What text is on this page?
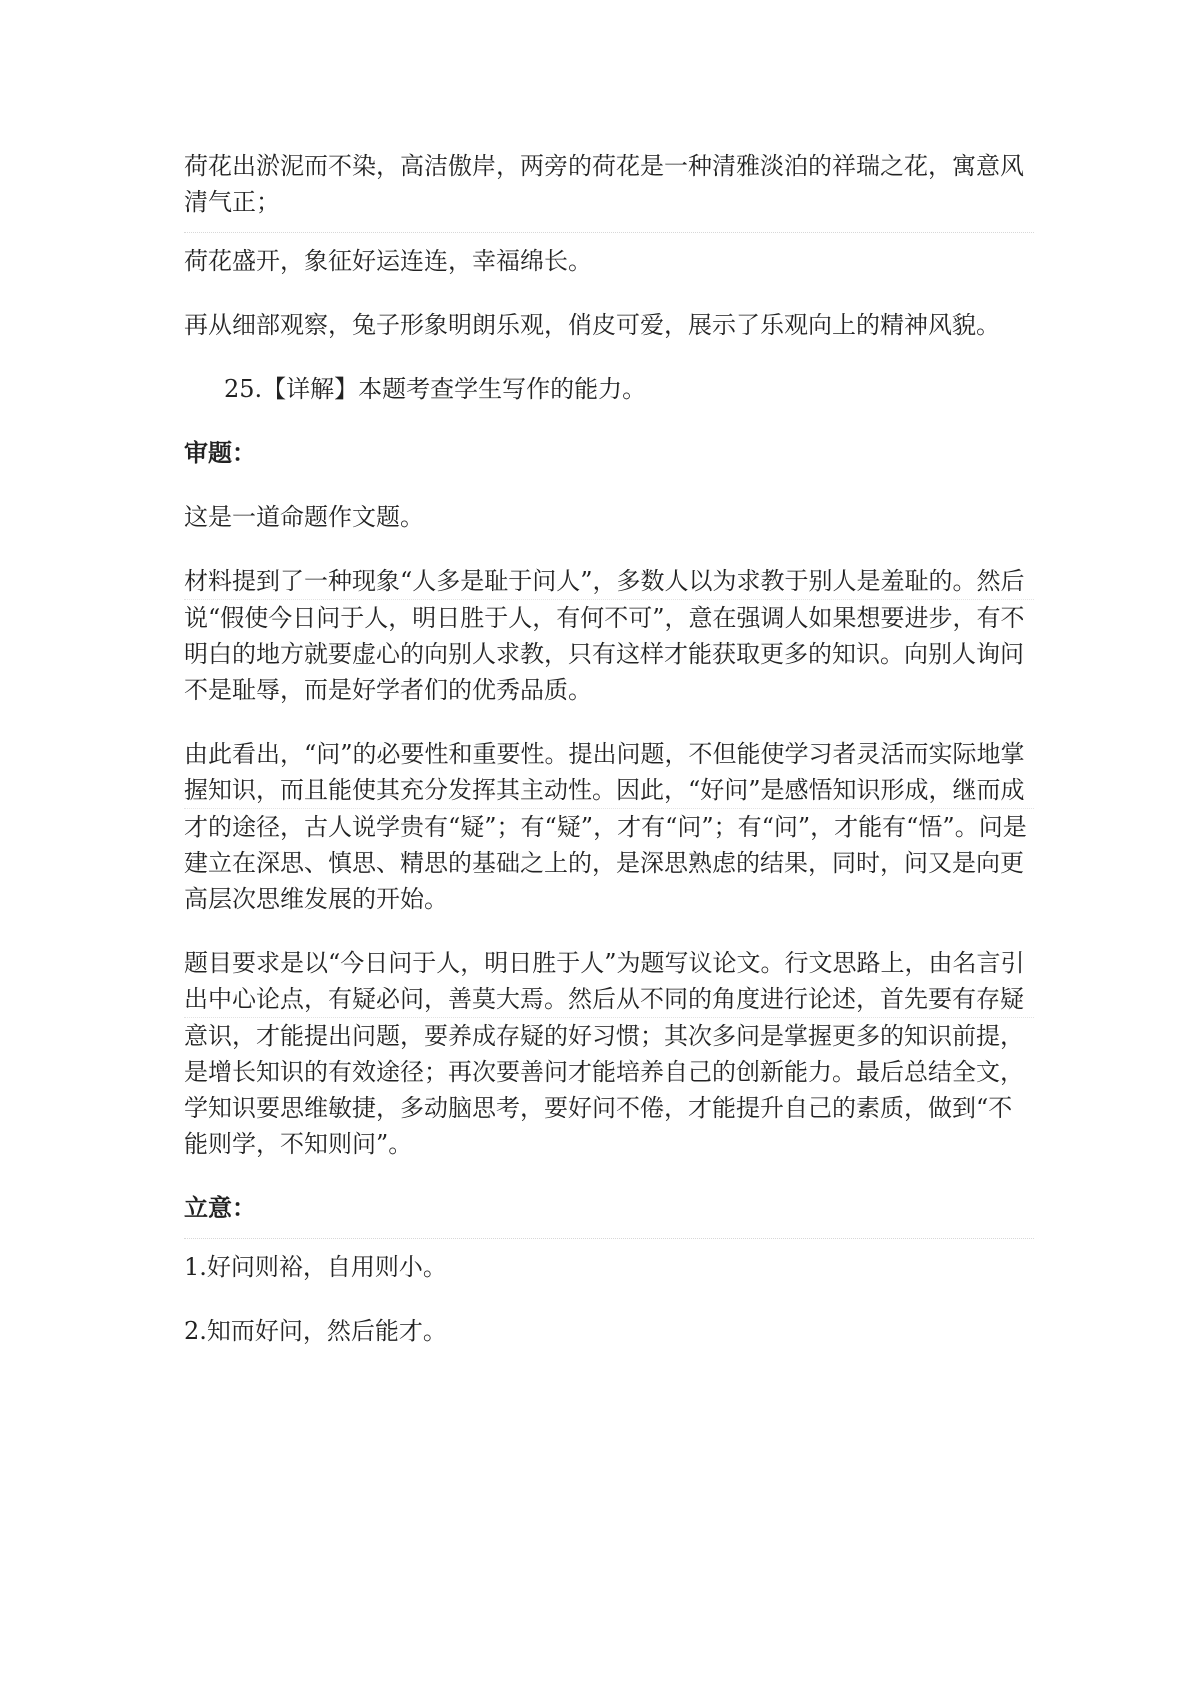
荷花出淤泥而不染，高洁傲岸，两旁的荷花是一种清雅淡泊的祥瑞之花，寓意风
清气正；
荷花盛开，象征好运连连，幸福绵长。
再从细部观察，兔子形象明朗乐观，俏皮可爱，展示了乐观向上的精神风貌。
25.【详解】本题考查学生写作的能力。
审题：
这是一道命题作文题。
材料提到了一种现象“人多是耻于问人”，多数人以为求教于别人是羞耻的。然后
说“假使今日问于人，明日胜于人，有何不可”，意在强调人如果想要进步，有不
明白的地方就要虚心的向别人求教，只有这样才能获取更多的知识。向别人询问
不是耻辱，而是好学者们的优秀品质。
由此看出，“问”的必要性和重要性。提出问题，不但能使学习者灵活而实际地掌
握知识，而且能使其充分发挥其主动性。因此，“好问”是感悟知识形成，继而成
才的途径，古人说学贵有“疑”；有“疑”，才有“问”；有“问”，才能有“悟”。问是
建立在深思、慎思、精思的基础之上的，是深思熟虑的结果，同时，问又是向更
高层次思维发展的开始。
题目要求是以“今日问于人，明日胜于人”为题写议论文。行文思路上，由名言引
出中心论点，有疑必问，善莫大焉。然后从不同的角度进行论述，首先要有存疑
意识，才能提出问题，要养成存疑的好习惯；其次多问是掌握更多的知识前提，
是增长知识的有效途径；再次要善问才能培养自己的创新能力。最后总结全文，
学知识要思维敏捷，多动脑思考，要好问不倦，才能提升自己的素质，做到“不
能则学，不知则问”。
立意：
1.好问则裕，自用则小。
2.知而好问，然后能才。
